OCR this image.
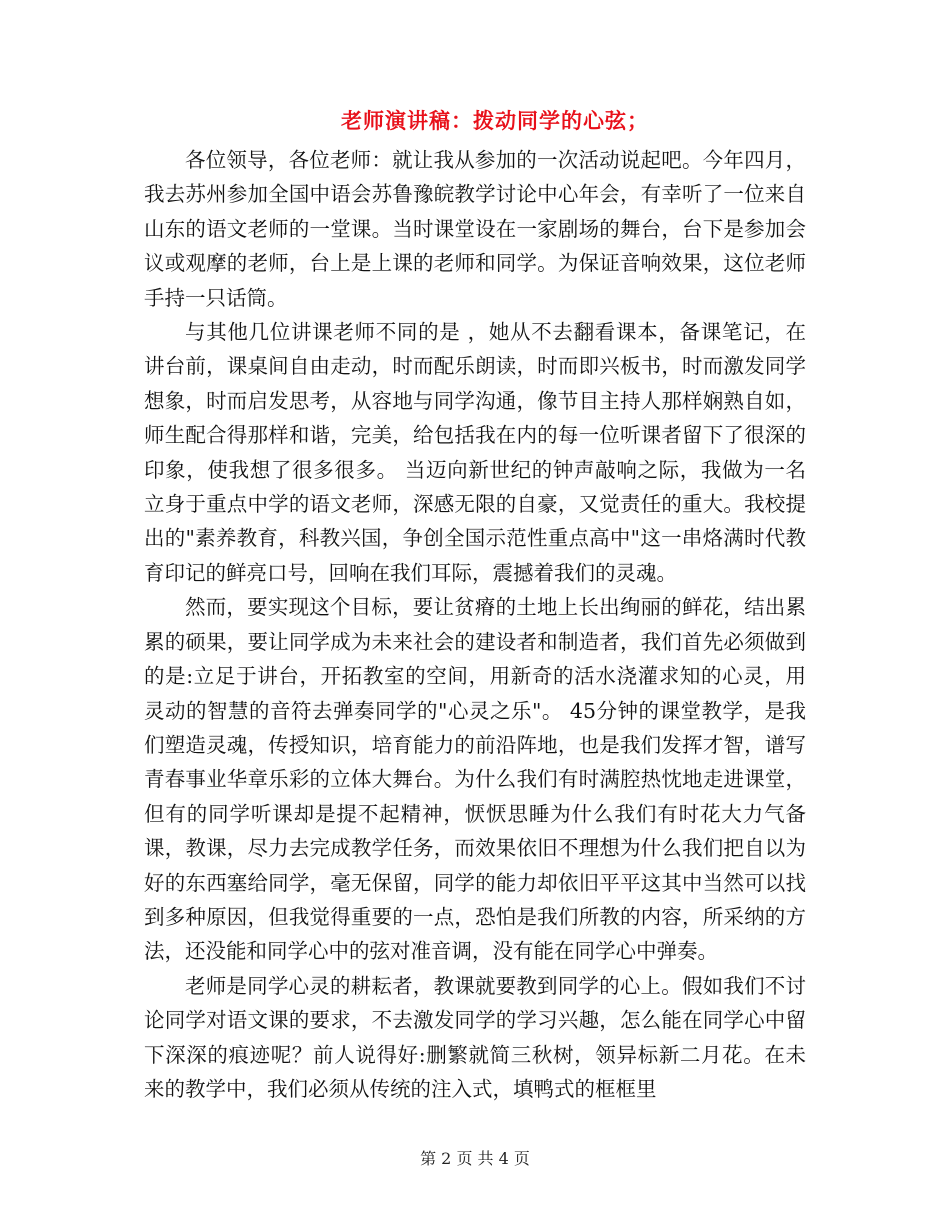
老师演讲稿：拨动同学的心弦；

各位领导，各位老师：就让我从参加的一次活动说起吧。今年四月，我去苏州参加全国中语会苏鲁豫皖教学讨论中心年会，有幸听了一位来自山东的语文老师的一堂课。当时课堂设在一家剧场的舞台，台下是参加会议或观摩的老师，台上是上课的老师和同学。为保证音响效果，这位老师手持一只话筒。

与其他几位讲课老师不同的是 ，她从不去翻看课本，备课笔记，在讲台前，课桌间自由走动，时而配乐朗读，时而即兴板书，时而激发同学想象，时而启发思考，从容地与同学沟通，像节目主持人那样娴熟自如，师生配合得那样和谐，完美，给包括我在内的每一位听课者留下了很深的印象，使我想了很多很多。 当迈向新世纪的钟声敲响之际，我做为一名立身于重点中学的语文老师，深感无限的自豪，又觉责任的重大。我校提出的"素养教育，科教兴国，争创全国示范性重点高中"这一串烙满时代教育印记的鲜亮口号，回响在我们耳际，震撼着我们的灵魂。

然而，要实现这个目标，要让贫瘠的土地上长出绚丽的鲜花，结出累累的硕果，要让同学成为未来社会的建设者和制造者，我们首先必须做到的是:立足于讲台，开拓教室的空间，用新奇的活水浇灌求知的心灵，用灵动的智慧的音符去弹奏同学的"心灵之乐"。 45分钟的课堂教学，是我们塑造灵魂，传授知识，培育能力的前沿阵地，也是我们发挥才智，谱写青春事业华章乐彩的立体大舞台。为什么我们有时满腔热忱地走进课堂，但有的同学听课却是提不起精神，恹恹思睡为什么我们有时花大力气备课，教课，尽力去完成教学任务，而效果依旧不理想为什么我们把自以为好的东西塞给同学，毫无保留，同学的能力却依旧平平这其中当然可以找到多种原因，但我觉得重要的一点，恐怕是我们所教的内容，所采纳的方法，还没能和同学心中的弦对准音调，没有能在同学心中弹奏。

老师是同学心灵的耕耘者，教课就要教到同学的心上。假如我们不讨论同学对语文课的要求，不去激发同学的学习兴趣，怎么能在同学心中留下深深的痕迹呢？前人说得好:删繁就简三秋树，领异标新二月花。在未来的教学中，我们必须从传统的注入式，填鸭式的框框里

第 2 页 共 4 页
